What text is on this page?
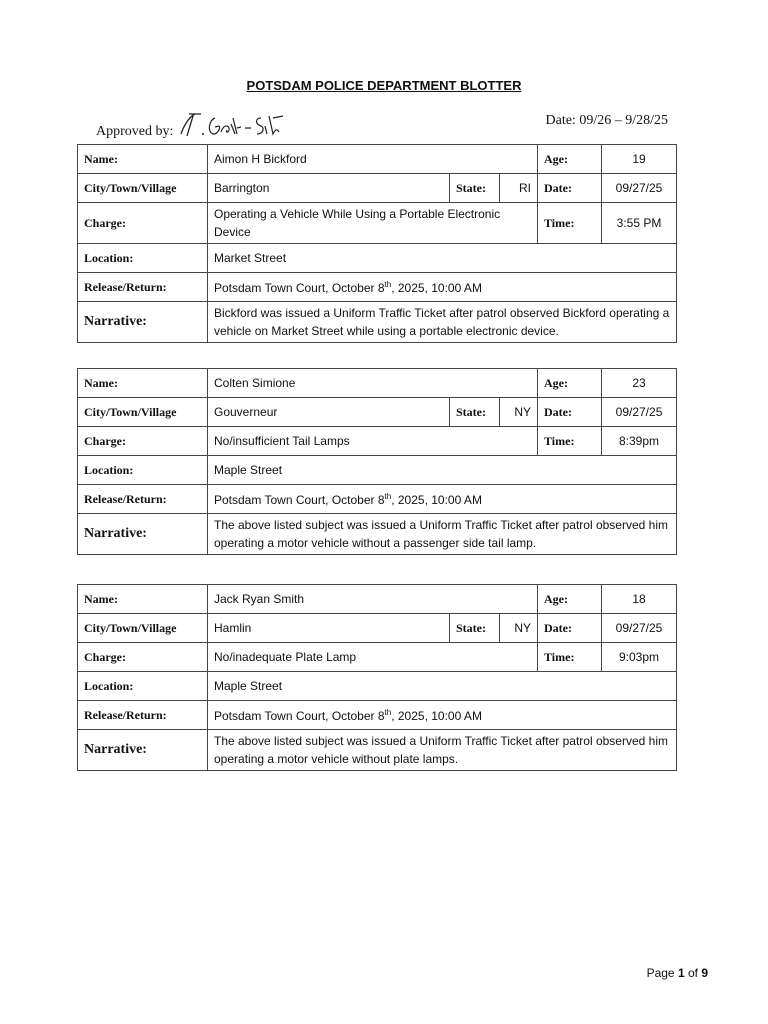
POTSDAM POLICE DEPARTMENT BLOTTER
Approved by:
Date: 09/26 – 9/28/25
Name:	Aimon H Bickford			Age:	19
City/Town/Village	Barrington	State:	RI	Date:	09/27/25
Charge:	Operating a Vehicle While Using a Portable Electronic Device			Time:	3:55 PM
Location:	Market Street				
Release/Return:	Potsdam Town Court, October 8th, 2025, 10:00 AM				
Narrative:	Bickford was issued a Uniform Traffic Ticket after patrol observed Bickford operating a vehicle on Market Street while using a portable electronic device.				
Name:	Colten Simione			Age:	23
City/Town/Village	Gouverneur	State:	NY	Date:	09/27/25
Charge:	No/insufficient Tail Lamps			Time:	8:39pm
Location:	Maple Street				
Release/Return:	Potsdam Town Court, October 8th, 2025, 10:00 AM				
Narrative:	The above listed subject was issued a Uniform Traffic Ticket after patrol observed him operating a motor vehicle without a passenger side tail lamp.				
Name:	Jack Ryan Smith			Age:	18
City/Town/Village	Hamlin	State:	NY	Date:	09/27/25
Charge:	No/inadequate Plate Lamp			Time:	9:03pm
Location:	Maple Street				
Release/Return:	Potsdam Town Court, October 8th, 2025, 10:00 AM				
Narrative:	The above listed subject was issued a Uniform Traffic Ticket after patrol observed him operating a motor vehicle without plate lamps.				
Page 1 of 9
